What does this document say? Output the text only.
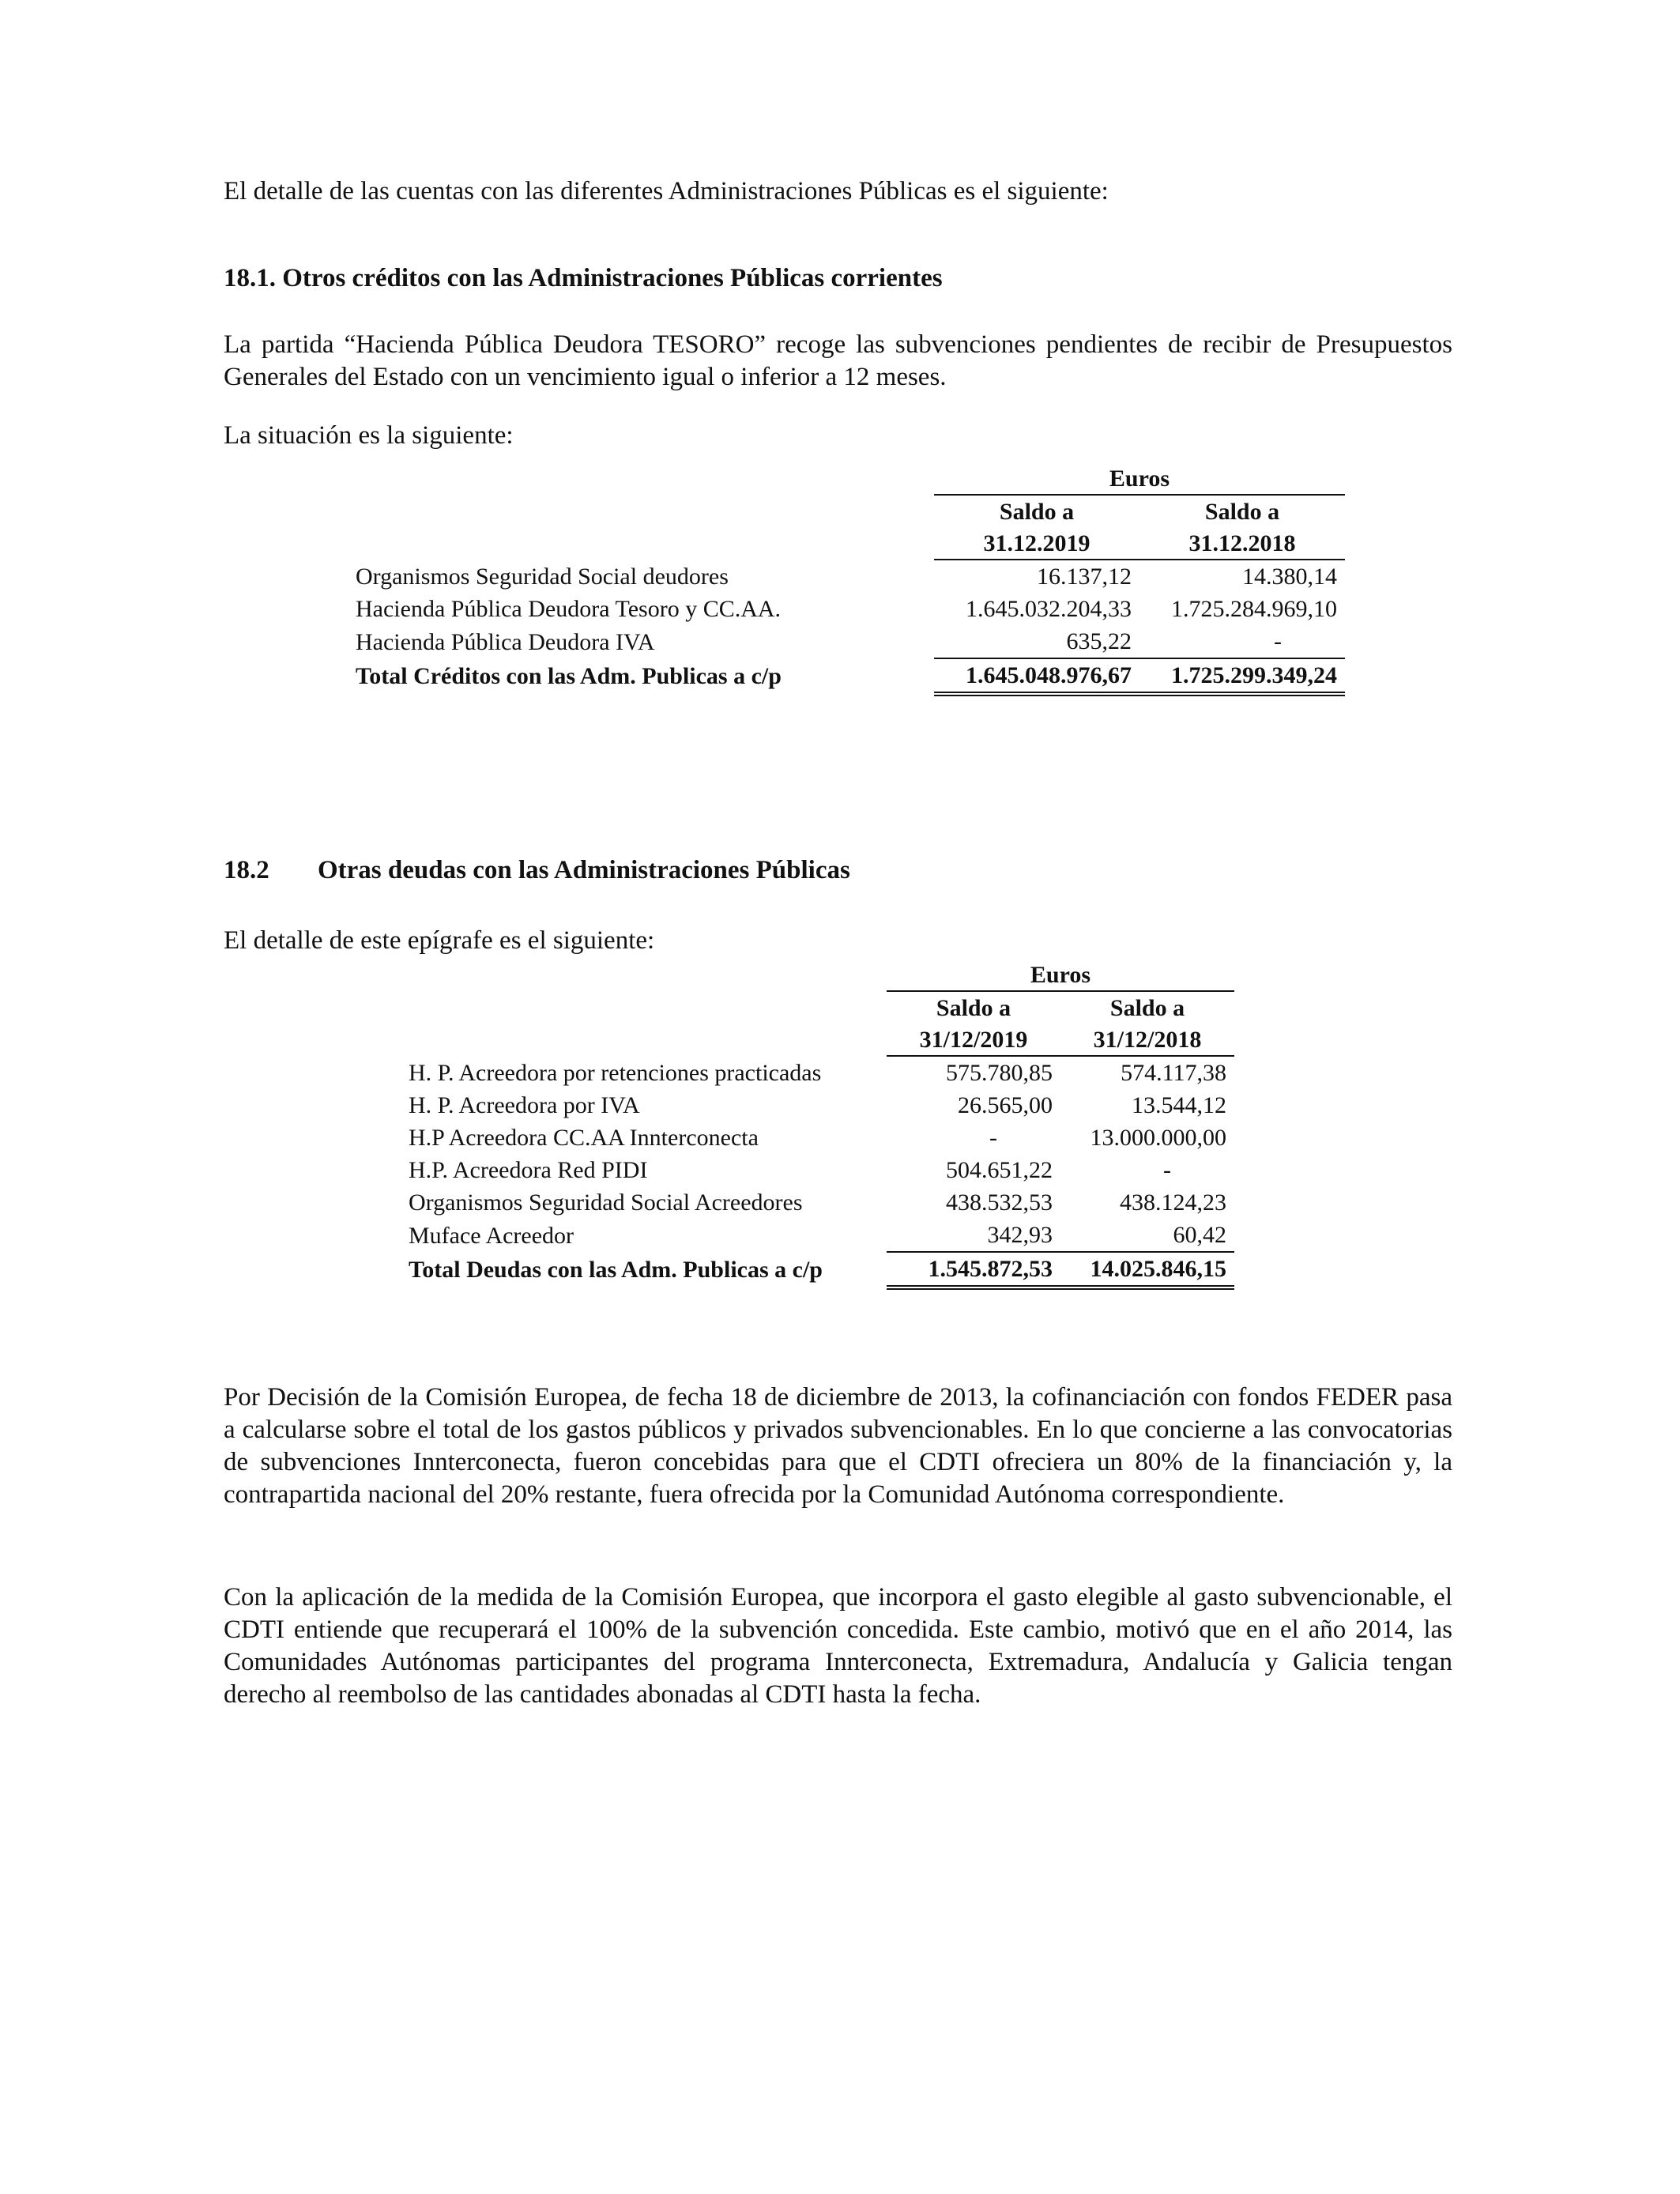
El detalle de las cuentas con las diferentes Administraciones Públicas es el siguiente:

18.1. Otros créditos con las Administraciones Públicas corrientes

La partida “Hacienda Pública Deudora TESORO” recoge las subvenciones pendientes de recibir de Presupuestos Generales del Estado con un vencimiento igual o inferior a 12 meses.

La situación es la siguiente:

	Euros	
	Saldo a	Saldo a
	31.12.2019	31.12.2018
Organismos Seguridad Social deudores	16.137,12	14.380,14
Hacienda Pública Deudora Tesoro y CC.AA.	1.645.032.204,33	1.725.284.969,10
Hacienda Pública Deudora IVA	635,22	-
Total Créditos con las Adm. Publicas a c/p	1.645.048.976,67	1.725.299.349,24

18.2 Otras deudas con las Administraciones Públicas

El detalle de este epígrafe es el siguiente:

	Euros	
	Saldo a	Saldo a
	31/12/2019	31/12/2018
H. P. Acreedora por retenciones practicadas	575.780,85	574.117,38
H. P. Acreedora por IVA	26.565,00	13.544,12
H.P Acreedora CC.AA Innterconecta	-	13.000.000,00
H.P. Acreedora Red PIDI	504.651,22	-
Organismos Seguridad Social Acreedores	438.532,53	438.124,23
Muface Acreedor	342,93	60,42
Total Deudas con las Adm. Publicas a c/p	1.545.872,53	14.025.846,15

Por Decisión de la Comisión Europea, de fecha 18 de diciembre de 2013, la cofinanciación con fondos FEDER pasa a calcularse sobre el total de los gastos públicos y privados subvencionables. En lo que concierne a las convocatorias de subvenciones Innterconecta, fueron concebidas para que el CDTI ofreciera un 80% de la financiación y, la contrapartida nacional del 20% restante, fuera ofrecida por la Comunidad Autónoma correspondiente.

Con la aplicación de la medida de la Comisión Europea, que incorpora el gasto elegible al gasto subvencionable, el CDTI entiende que recuperará el 100% de la subvención concedida. Este cambio, motivó que en el año 2014, las Comunidades Autónomas participantes del programa Innterconecta, Extremadura, Andalucía y Galicia tengan derecho al reembolso de las cantidades abonadas al CDTI hasta la fecha.
